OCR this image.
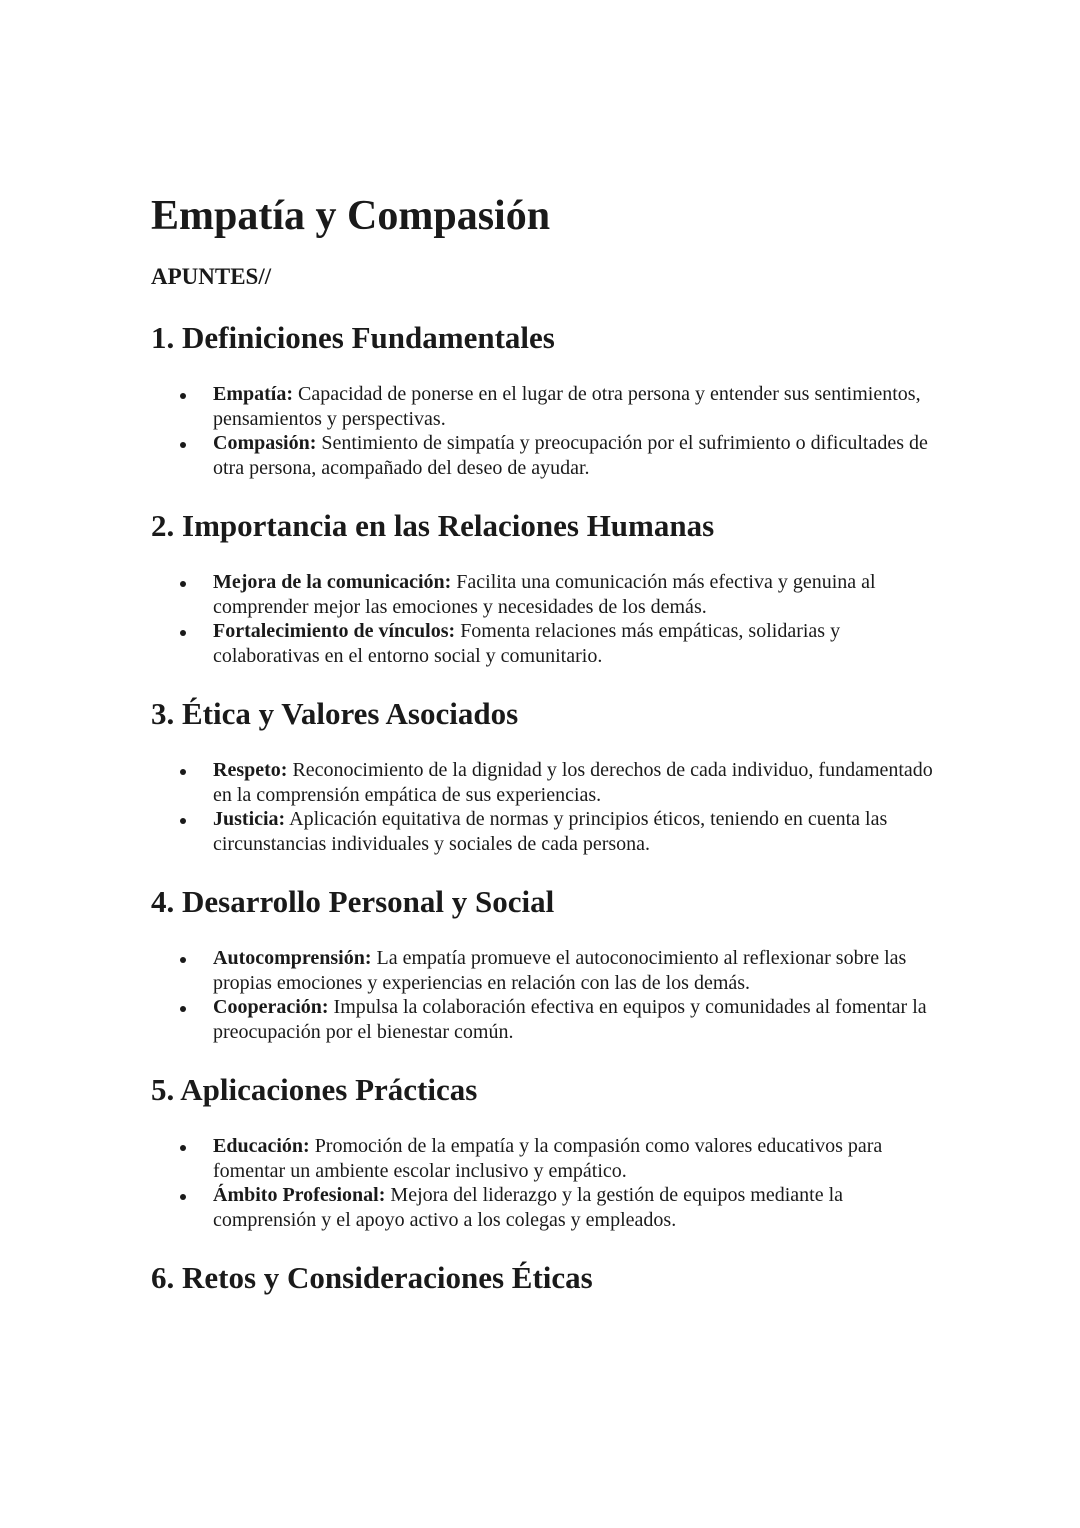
Empatía y Compasión
APUNTES//
1. Definiciones Fundamentales
Empatía: Capacidad de ponerse en el lugar de otra persona y entender sus sentimientos, pensamientos y perspectivas.
Compasión: Sentimiento de simpatía y preocupación por el sufrimiento o dificultades de otra persona, acompañado del deseo de ayudar.
2. Importancia en las Relaciones Humanas
Mejora de la comunicación: Facilita una comunicación más efectiva y genuina al comprender mejor las emociones y necesidades de los demás.
Fortalecimiento de vínculos: Fomenta relaciones más empáticas, solidarias y colaborativas en el entorno social y comunitario.
3. Ética y Valores Asociados
Respeto: Reconocimiento de la dignidad y los derechos de cada individuo, fundamentado en la comprensión empática de sus experiencias.
Justicia: Aplicación equitativa de normas y principios éticos, teniendo en cuenta las circunstancias individuales y sociales de cada persona.
4. Desarrollo Personal y Social
Autocomprensión: La empatía promueve el autoconocimiento al reflexionar sobre las propias emociones y experiencias en relación con las de los demás.
Cooperación: Impulsa la colaboración efectiva en equipos y comunidades al fomentar la preocupación por el bienestar común.
5. Aplicaciones Prácticas
Educación: Promoción de la empatía y la compasión como valores educativos para fomentar un ambiente escolar inclusivo y empático.
Ámbito Profesional: Mejora del liderazgo y la gestión de equipos mediante la comprensión y el apoyo activo a los colegas y empleados.
6. Retos y Consideraciones Éticas
